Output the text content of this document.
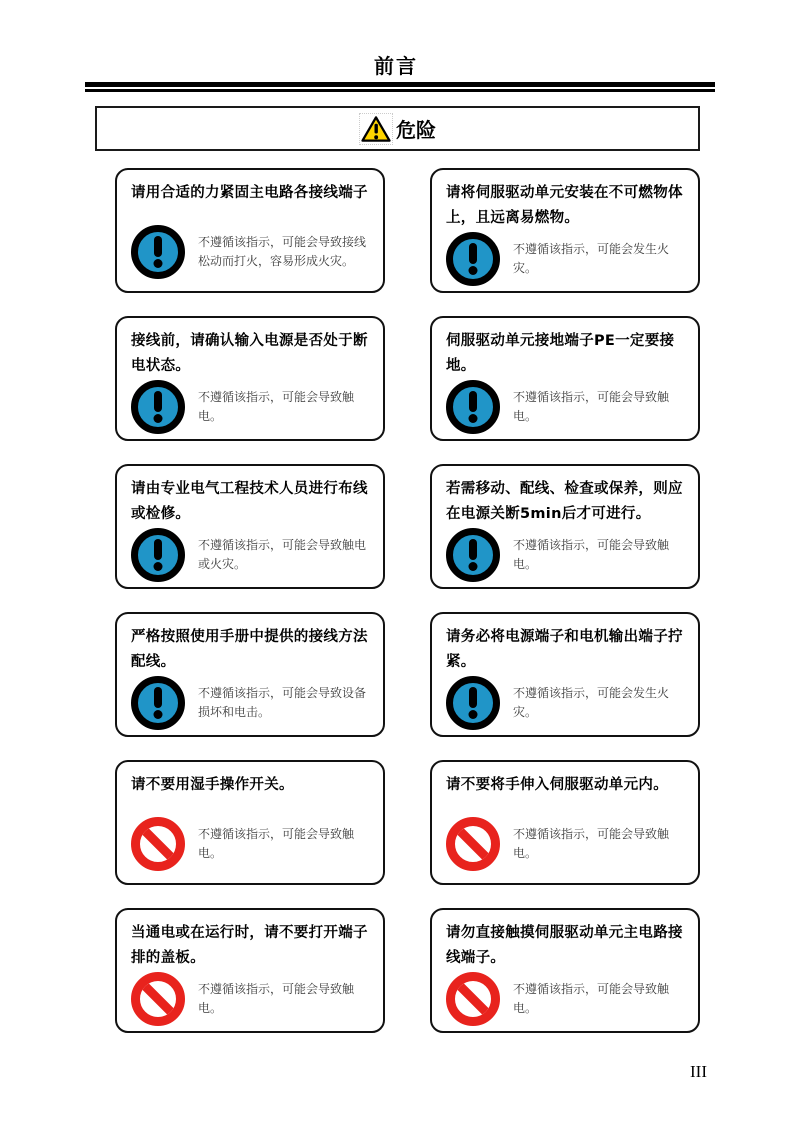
前言
危险
请用合适的力紧固主电路各接线端子
不遵循该指示，可能会导致接线松动而打火，容易形成火灾。
请将伺服驱动单元安装在不可燃物体上，且远离易燃物。
不遵循该指示，可能会发生火灾。
接线前，请确认输入电源是否处于断电状态。
不遵循该指示，可能会导致触电。
伺服驱动单元接地端子PE一定要接地。
不遵循该指示，可能会导致触电。
请由专业电气工程技术人员进行布线或检修。
不遵循该指示，可能会导致触电或火灾。
若需移动、配线、检查或保养，则应在电源关断5min后才可进行。
不遵循该指示，可能会导致触电。
严格按照使用手册中提供的接线方法配线。
不遵循该指示，可能会导致设备损坏和电击。
请务必将电源端子和电机输出端子拧紧。
不遵循该指示，可能会发生火灾。
请不要用湿手操作开关。
不遵循该指示，可能会导致触电。
请不要将手伸入伺服驱动单元内。
不遵循该指示，可能会导致触电。
当通电或在运行时，请不要打开端子排的盖板。
不遵循该指示，可能会导致触电。
请勿直接触摸伺服驱动单元主电路接线端子。
不遵循该指示，可能会导致触电。
III
